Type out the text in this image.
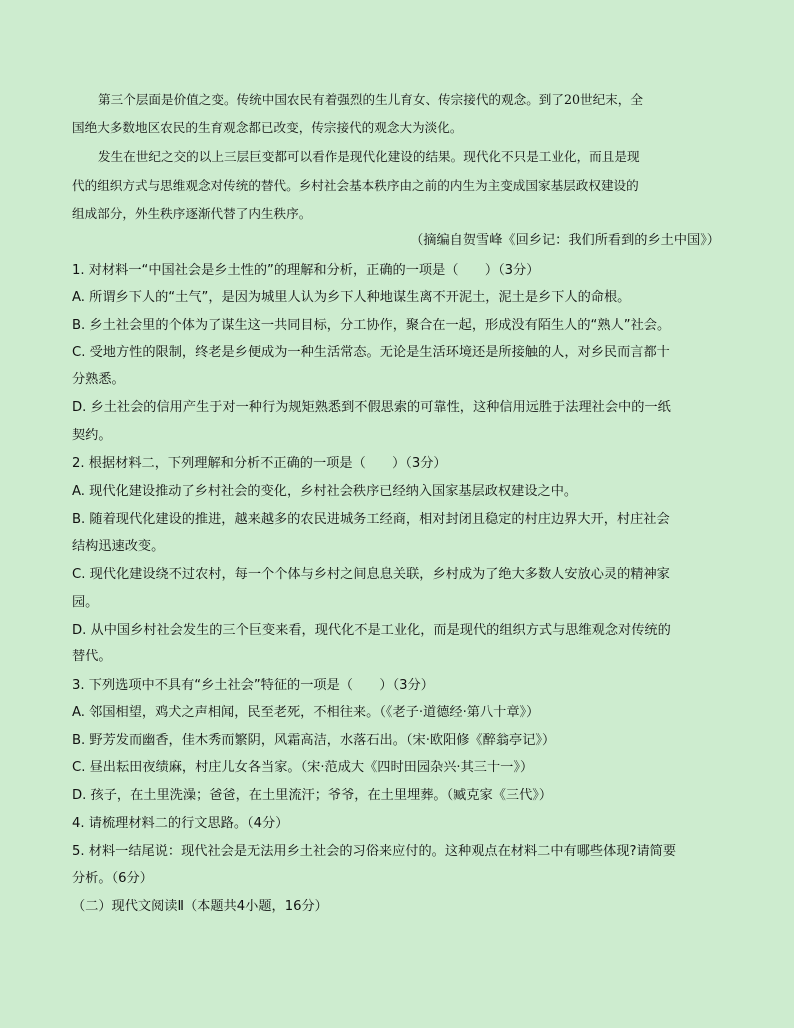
第三个层面是价值之变。传统中国农民有着强烈的生儿育女、传宗接代的观念。到了20世纪末，全
国绝大多数地区农民的生育观念都已改变，传宗接代的观念大为淡化。
发生在世纪之交的以上三层巨变都可以看作是现代化建设的结果。现代化不只是工业化，而且是现
代的组织方式与思维观念对传统的替代。乡村社会基本秩序由之前的内生为主变成国家基层政权建设的
组成部分，外生秩序逐渐代替了内生秩序。
（摘编自贺雪峰《回乡记：我们所看到的乡土中国》）
1. 对材料一“中国社会是乡土性的”的理解和分析，正确的一项是（　　）（3分）
A. 所谓乡下人的“土气”，是因为城里人认为乡下人种地谋生离不开泥土，泥土是乡下人的命根。
B. 乡土社会里的个体为了谋生这一共同目标，分工协作，聚合在一起，形成没有陌生人的“熟人”社会。
C. 受地方性的限制，终老是乡便成为一种生活常态。无论是生活环境还是所接触的人，对乡民而言都十
分熟悉。
D. 乡土社会的信用产生于对一种行为规矩熟悉到不假思索的可靠性，这种信用远胜于法理社会中的一纸
契约。
2. 根据材料二，下列理解和分析不正确的一项是（　　）（3分）
A. 现代化建设推动了乡村社会的变化，乡村社会秩序已经纳入国家基层政权建设之中。
B. 随着现代化建设的推进，越来越多的农民进城务工经商，相对封闭且稳定的村庄边界大开，村庄社会
结构迅速改变。
C. 现代化建设绕不过农村，每一个个体与乡村之间息息关联，乡村成为了绝大多数人安放心灵的精神家
园。
D. 从中国乡村社会发生的三个巨变来看，现代化不是工业化，而是现代的组织方式与思维观念对传统的
替代。
3. 下列选项中不具有“乡土社会”特征的一项是（　　）（3分）
A. 邻国相望，鸡犬之声相闻，民至老死，不相往来。（《老子·道德经·第八十章》）
B. 野芳发而幽香，佳木秀而繁阴，风霜高洁，水落石出。（宋·欧阳修《醉翁亭记》）
C. 昼出耘田夜绩麻，村庄儿女各当家。（宋·范成大《四时田园杂兴·其三十一》）
D. 孩子，在土里洗澡；爸爸，在土里流汗；爷爷，在土里埋葬。（臧克家《三代》）
4. 请梳理材料二的行文思路。（4分）
5. 材料一结尾说：现代社会是无法用乡土社会的习俗来应付的。这种观点在材料二中有哪些体现?请简要
分析。（6分）
（二）现代文阅读Ⅱ（本题共4小题，16分）
